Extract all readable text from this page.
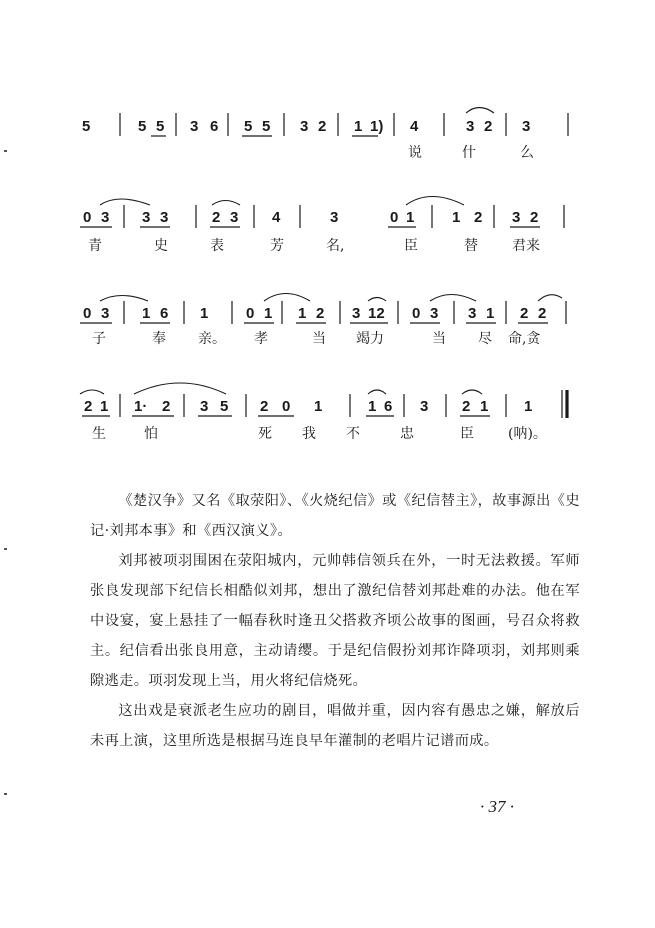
5	5 5 3 6 5 5 3 2 1 1) 4	3 2 3
说	什	么
0 3 3 3	2 3 4	3	0 1	1 2 3 2
青	史	表	芳	名,	臣	替 君来
0 3 1 6 1	0 1 1 2 3 12 0 3 3 1 2 2
子	奉 亲。 孝	当 竭力	当 尽 命,贪
2 1 1· 2 3 5 2 0 1	1 6 3 2 1 1
生	怕	死 我 不	忠	臣 (呐)。

《楚汉争》又名《取荥阳》、《火烧纪信》或《纪信替主》，故事源出《史记·刘邦本事》和《西汉演义》。

刘邦被项羽围困在荥阳城内，元帅韩信领兵在外，一时无法救援。军师张良发现部下纪信长相酷似刘邦，想出了激纪信替刘邦赴难的办法。他在军中设宴，宴上悬挂了一幅春秋时逢丑父搭救齐顷公故事的图画，号召众将救主。纪信看出张良用意，主动请缨。于是纪信假扮刘邦诈降项羽，刘邦则乘隙逃走。项羽发现上当，用火将纪信烧死。

这出戏是衰派老生应功的剧目，唱做并重，因内容有愚忠之嫌，解放后未再上演，这里所选是根据马连良早年灌制的老唱片记谱而成。

· 37 ·
